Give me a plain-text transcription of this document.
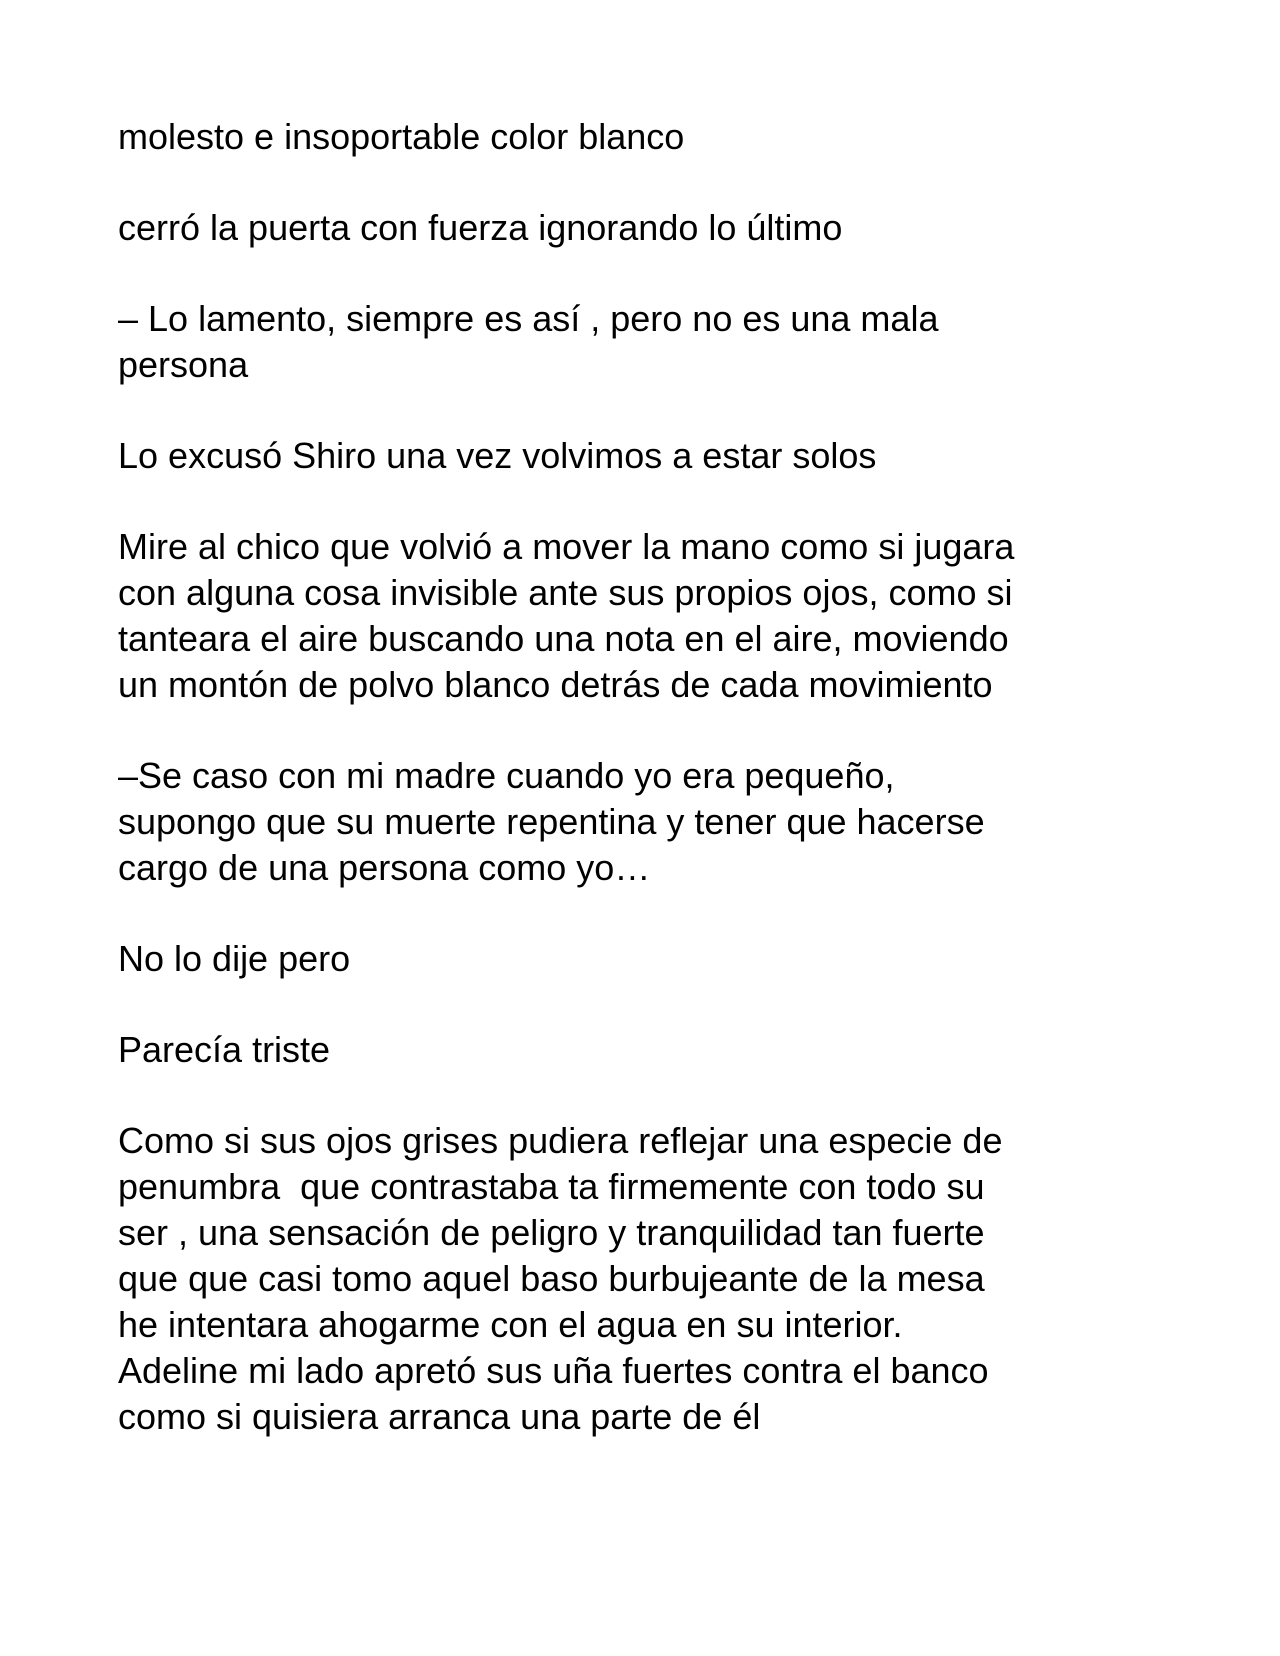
molesto e insoportable color blanco

cerró la puerta con fuerza ignorando lo último

– Lo lamento, siempre es así , pero no es una mala
persona

Lo excusó Shiro una vez volvimos a estar solos

Mire al chico que volvió a mover la mano como si jugara
con alguna cosa invisible ante sus propios ojos, como si
tanteara el aire buscando una nota en el aire, moviendo
un montón de polvo blanco detrás de cada movimiento

–Se caso con mi madre cuando yo era pequeño,
supongo que su muerte repentina y tener que hacerse
cargo de una persona como yo…

No lo dije pero

Parecía triste

Como si sus ojos grises pudiera reflejar una especie de
penumbra  que contrastaba ta firmemente con todo su
ser , una sensación de peligro y tranquilidad tan fuerte
que que casi tomo aquel baso burbujeante de la mesa
he intentara ahogarme con el agua en su interior.
Adeline mi lado apretó sus uña fuertes contra el banco
como si quisiera arranca una parte de él
